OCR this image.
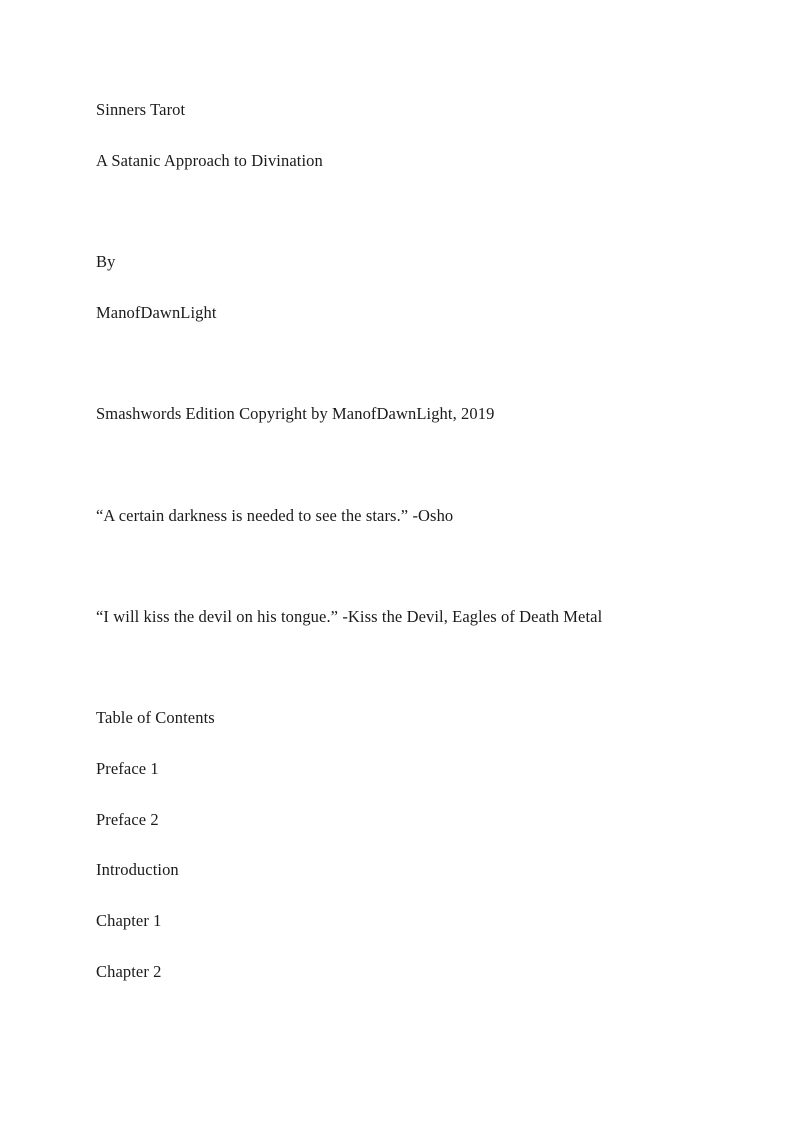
Sinners Tarot
A Satanic Approach to Divination
By
ManofDawnLight
Smashwords Edition Copyright by ManofDawnLight, 2019
“A certain darkness is needed to see the stars.” -Osho
“I will kiss the devil on his tongue.” -Kiss the Devil, Eagles of Death Metal
Table of Contents
Preface 1
Preface 2
Introduction
Chapter 1
Chapter 2
